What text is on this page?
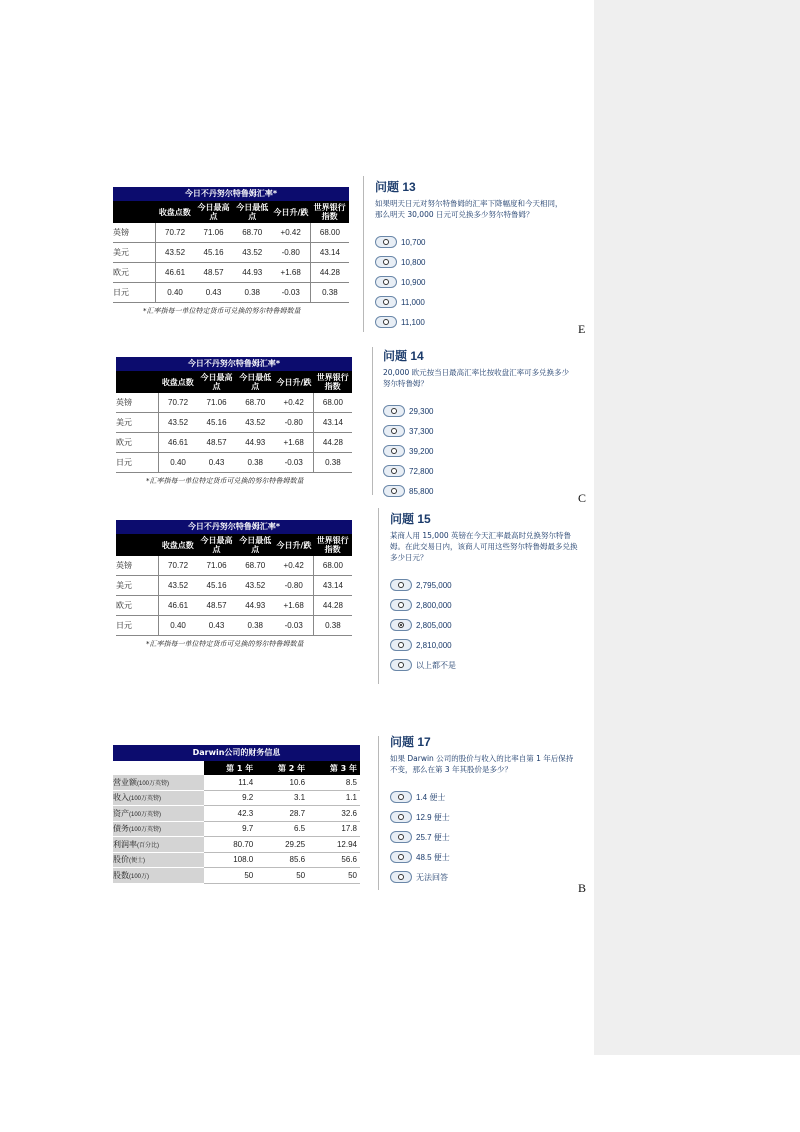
今日不丹努尔特鲁姆汇率*
	收盘点数	今日最高点	今日最低点	今日升/跌	世界银行指数
英镑	70.72	71.06	68.70	+0.42	68.00
美元	43.52	45.16	43.52	-0.80	43.14
欧元	46.61	48.57	44.93	+1.68	44.28
日元	0.40	0.43	0.38	-0.03	0.38
*汇率指每一单位特定货币可兑换的努尔特鲁姆数量
今日不丹努尔特鲁姆汇率*
	收盘点数	今日最高点	今日最低点	今日升/跌	世界银行指数
英镑	70.72	71.06	68.70	+0.42	68.00
美元	43.52	45.16	43.52	-0.80	43.14
欧元	46.61	48.57	44.93	+1.68	44.28
日元	0.40	0.43	0.38	-0.03	0.38
*汇率指每一单位特定货币可兑换的努尔特鲁姆数量
今日不丹努尔特鲁姆汇率*
	收盘点数	今日最高点	今日最低点	今日升/跌	世界银行指数
英镑	70.72	71.06	68.70	+0.42	68.00
美元	43.52	45.16	43.52	-0.80	43.14
欧元	46.61	48.57	44.93	+1.68	44.28
日元	0.40	0.43	0.38	-0.03	0.38
*汇率指每一单位特定货币可兑换的努尔特鲁姆数量
问题 13
如果明天日元对努尔特鲁姆的汇率下降幅度和今天相同，那么明天 30,000 日元可兑换多少努尔特鲁姆？
10,700
10,800
10,900
11,000
11,100
问题 14
20,000 欧元按当日最高汇率比按收盘汇率可多兑换多少努尔特鲁姆？
29,300
37,300
39,200
72,800
85,800
问题 15
某商人用 15,000 英镑在今天汇率最高时兑换努尔特鲁姆。在此交易日内，该商人可用这些努尔特鲁姆最多兑换多少日元？
2,795,000
2,800,000
2,805,000
2,810,000
以上都不是
问题 17
如果 Darwin 公司的股价与收入的比率自第 1 年后保持不变，那么在第 3 年其股价是多少？
1.4 便士
12.9 便士
25.7 便士
48.5 便士
无法回答
E
C
B
Darwin公司的财务信息
	第 1 年	第 2 年	第 3 年
营业额(100万英镑)	11.4	10.6	8.5
收入(100万英镑)	9.2	3.1	1.1
资产(100万英镑)	42.3	28.7	32.6
债务(100万英镑)	9.7	6.5	17.8
利润率(百分比)	80.70	29.25	12.94
股价(便士)	108.0	85.6	56.6
股数(100万)	50	50	50
